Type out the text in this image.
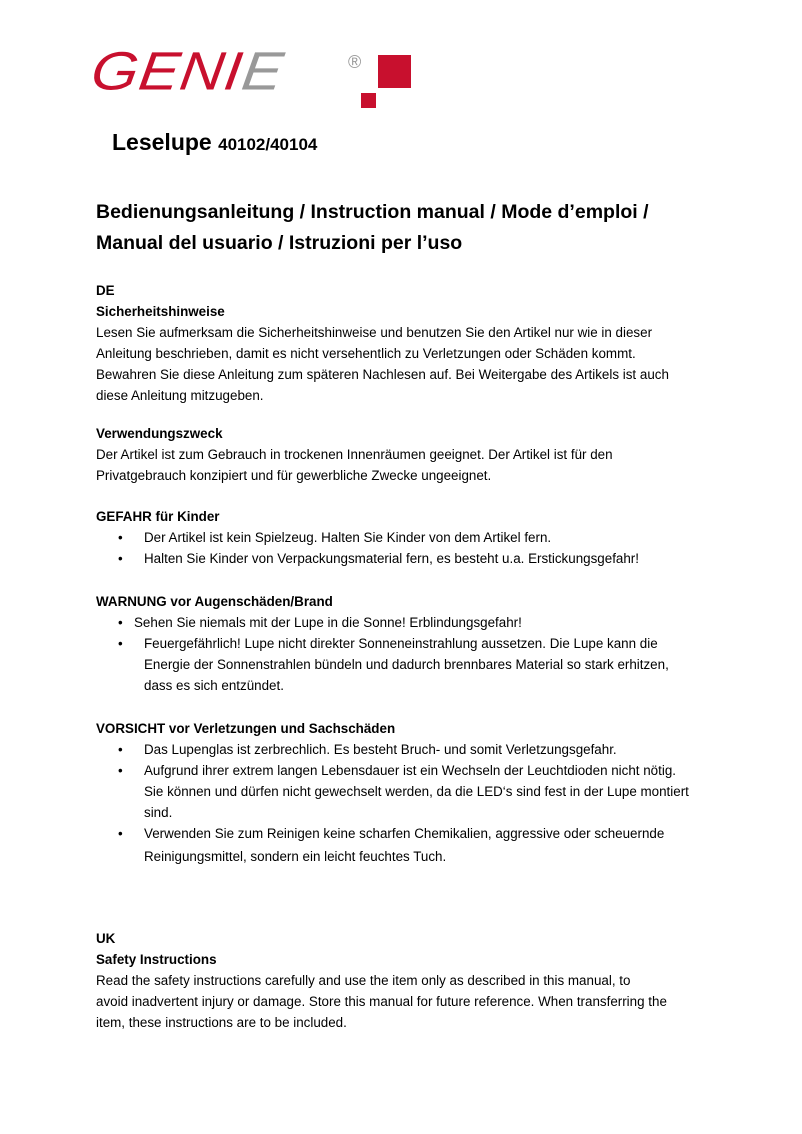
GENIE	®
Leselupe 40102/40104
Bedienungsanleitung / Instruction manual / Mode d’emploi /
Manual del usuario / Istruzioni per l’uso
DE
Sicherheitshinweise
Lesen Sie aufmerksam die Sicherheitshinweise und benutzen Sie den Artikel nur wie in dieser
Anleitung beschrieben, damit es nicht versehentlich zu Verletzungen oder Schäden kommt.
Bewahren Sie diese Anleitung zum späteren Nachlesen auf. Bei Weitergabe des Artikels ist auch
diese Anleitung mitzugeben.
Verwendungszweck
Der Artikel ist zum Gebrauch in trockenen Innenräumen geeignet. Der Artikel ist für den
Privatgebrauch konzipiert und für gewerbliche Zwecke ungeeignet.
GEFAHR für Kinder
• Der Artikel ist kein Spielzeug. Halten Sie Kinder von dem Artikel fern.
• Halten Sie Kinder von Verpackungsmaterial fern, es besteht u.a. Erstickungsgefahr!
WARNUNG vor Augenschäden/Brand
• Sehen Sie niemals mit der Lupe in die Sonne! Erblindungsgefahr!
• Feuergefährlich! Lupe nicht direkter Sonneneinstrahlung aussetzen. Die Lupe kann die
Energie der Sonnenstrahlen bündeln und dadurch brennbares Material so stark erhitzen,
dass es sich entzündet.
VORSICHT vor Verletzungen und Sachschäden
• Das Lupenglas ist zerbrechlich. Es besteht Bruch- und somit Verletzungsgefahr.
• Aufgrund ihrer extrem langen Lebensdauer ist ein Wechseln der Leuchtdioden nicht nötig.
Sie können und dürfen nicht gewechselt werden, da die LED‘s sind fest in der Lupe montiert
sind.
• Verwenden Sie zum Reinigen keine scharfen Chemikalien, aggressive oder scheuernde
Reinigungsmittel, sondern ein leicht feuchtes Tuch.
UK
Safety Instructions
Read the safety instructions carefully and use the item only as described in this manual, to
avoid inadvertent injury or damage. Store this manual for future reference. When transferring the
item, these instructions are to be included.
